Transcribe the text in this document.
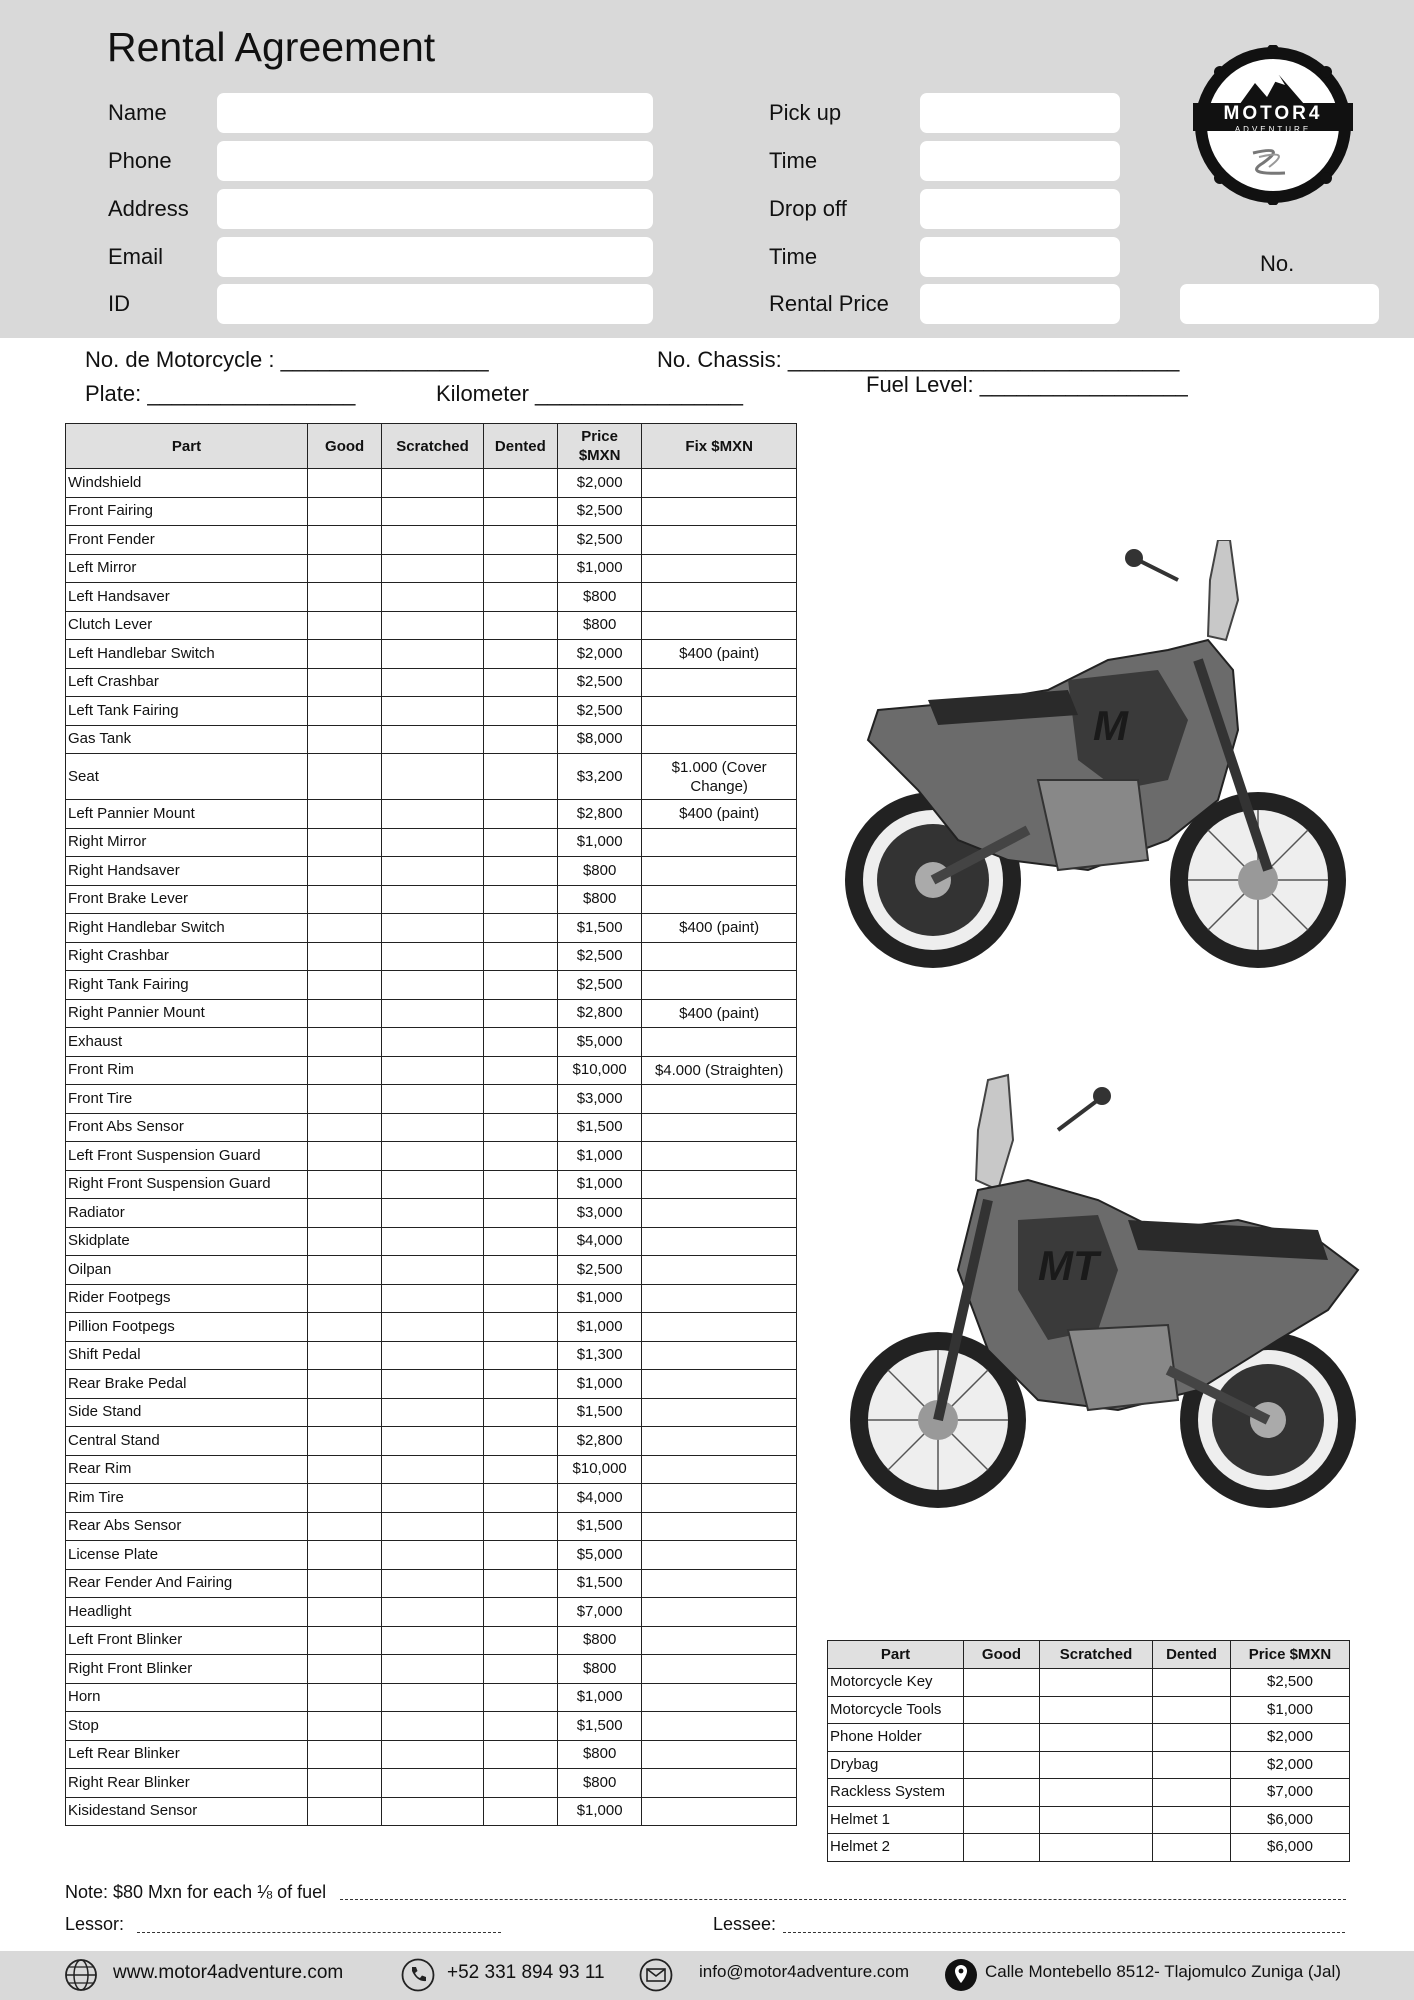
Rental Agreement
Name
Phone
Address
Email
ID
Pick up
Time
Drop off
Time
Rental Price
MOTOR4
ADVENTURE
No.
No. de Motorcycle : _________________	No. Chassis: ________________________________
Plate: _________________	Kilometer _________________	Fuel Level: _________________
Part	Good	Scratched	Dented	Price $MXN	Fix $MXN
Windshield				$2,000	
Front Fairing				$2,500	
Front Fender				$2,500	
Left Mirror				$1,000	
Left Handsaver				$800	
Clutch Lever				$800	
Left Handlebar Switch				$2,000	$400 (paint)
Left Crashbar				$2,500	
Left Tank Fairing				$2,500	
Gas Tank				$8,000	
Seat				$3,200	$1.000 (Cover Change)
Left Pannier Mount				$2,800	$400 (paint)
Right Mirror				$1,000	
Right Handsaver				$800	
Front Brake Lever				$800	
Right Handlebar Switch				$1,500	$400 (paint)
Right Crashbar				$2,500	
Right Tank Fairing				$2,500	
Right Pannier Mount				$2,800	$400 (paint)
Exhaust				$5,000	
Front Rim				$10,000	$4.000 (Straighten)
Front Tire				$3,000	
Front Abs Sensor				$1,500	
Left Front Suspension Guard				$1,000	
Right Front Suspension Guard				$1,000	
Radiator				$3,000	
Skidplate				$4,000	
Oilpan				$2,500	
Rider Footpegs				$1,000	
Pillion Footpegs				$1,000	
Shift Pedal				$1,300	
Rear Brake Pedal				$1,000	
Side Stand				$1,500	
Central Stand				$2,800	
Rear Rim				$10,000	
Rim Tire				$4,000	
Rear Abs Sensor				$1,500	
License Plate				$5,000	
Rear Fender And Fairing				$1,500	
Headlight				$7,000	
Left Front Blinker				$800	
Right Front Blinker				$800	
Horn				$1,000	
Stop				$1,500	
Left Rear Blinker				$800	
Right Rear Blinker				$800	
Kisidestand Sensor				$1,000	
M
MT
Part	Good	Scratched	Dented	Price $MXN
Motorcycle Key				$2,500
Motorcycle Tools				$1,000
Phone Holder				$2,000
Drybag				$2,000
Rackless System				$7,000
Helmet 1				$6,000
Helmet 2				$6,000
Note: $80 Mxn for each ⅛ of fuel
Lessor:	Lessee:
www.motor4adventure.com	+52 331 894 93 11	info@motor4adventure.com	Calle Montebello 8512- Tlajomulco Zuniga (Jal)
